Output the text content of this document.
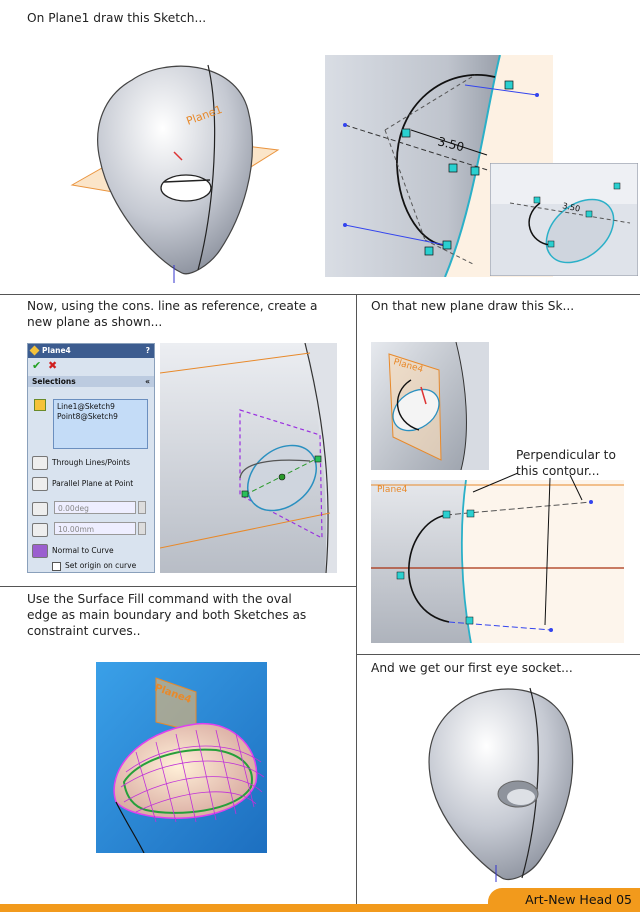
On Plane1 draw this Sketch...
Now, using the cons. line as reference, create a
new plane as shown...
On that new plane draw this Sk...
Use the Surface Fill command with the oval
edge as main boundary and both Sketches as
constraint curves..
And we get our first eye socket...
Plane1
3.50
3.50
Plane4	?
✔ ✖
Selections	«
Line1@Sketch9
Point8@Sketch9
Through Lines/Points
Parallel Plane at Point
0.00deg
10.00mm
Normal to Curve
Set origin on curve
Plane4
Plane4
Perpendicular to
this contour...
Plane4
Art-New Head 05
